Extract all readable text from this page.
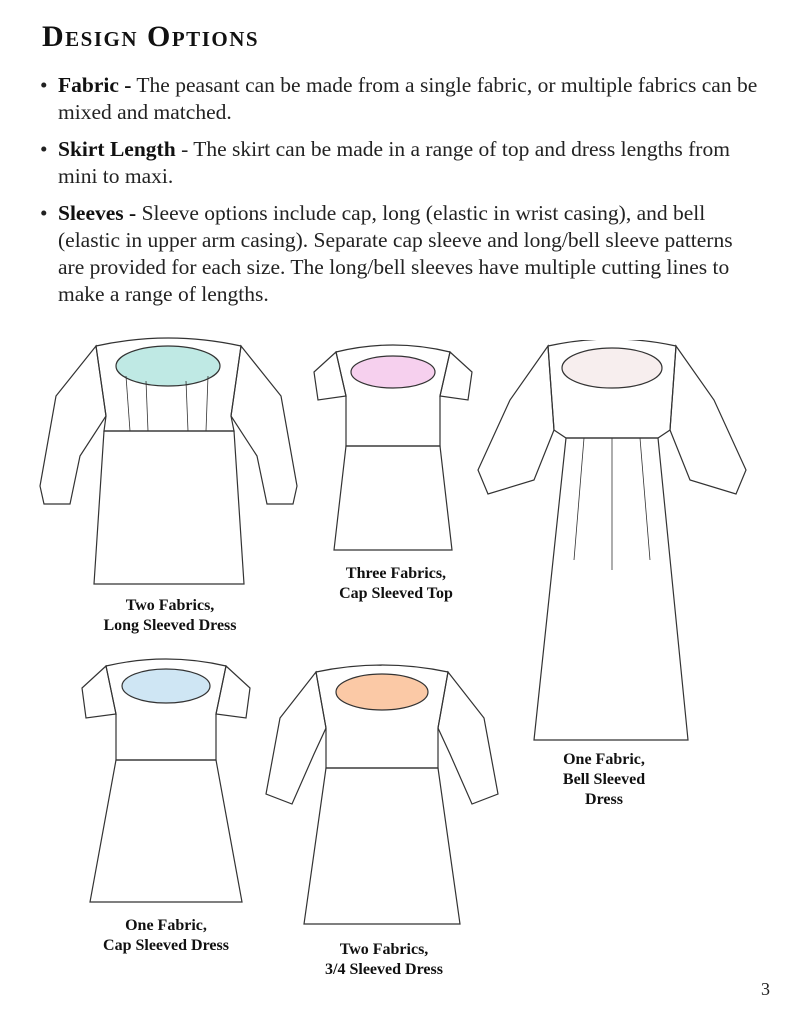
Design Options
• Fabric - The peasant can be made from a single fabric, or multiple fabrics can be mixed and matched.
• Skirt Length - The skirt can be made in a range of top and dress lengths from mini to maxi.
• Sleeves - Sleeve options include cap, long (elastic in wrist casing), and bell (elastic in upper arm casing). Separate cap sleeve and long/bell sleeve patterns are provided for each size. The long/bell sleeves have multiple cutting lines to make a range of lengths.
Two Fabrics,
Long Sleeved Dress
Three Fabrics,
Cap Sleeved Top
One Fabric,
Bell Sleeved
Dress
One Fabric,
Cap Sleeved Dress	Two Fabrics,
3/4 Sleeved Dress
3
